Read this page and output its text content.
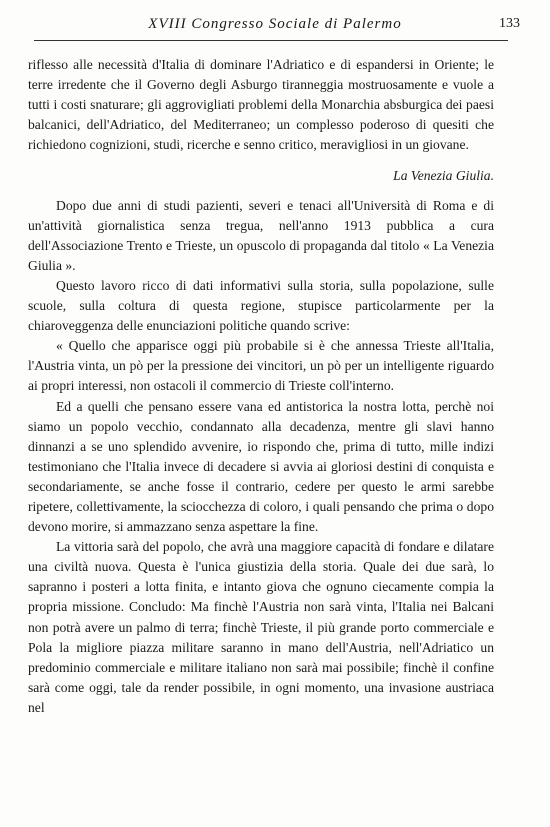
XVIII Congresso Sociale di Palermo	133

riflesso alle necessità d'Italia di dominare l'Adriatico e di espandersi in Oriente; le terre irredente che il Governo degli Asburgo tiranneggia mostruosamente e vuole a tutti i costi snaturare; gli aggrovigliati problemi della Monarchia absburgica dei paesi balcanici, dell'Adriatico, del Mediterraneo; un complesso poderoso di quesiti che richiedono cognizioni, studi, ricerche e senno critico, meravigliosi in un giovane.

La Venezia Giulia.

Dopo due anni di studi pazienti, severi e tenaci all'Università di Roma e di un'attività giornalistica senza tregua, nell'anno 1913 pubblica a cura dell'Associazione Trento e Trieste, un opuscolo di propaganda dal titolo « La Venezia Giulia ».

Questo lavoro ricco di dati informativi sulla storia, sulla popolazione, sulle scuole, sulla coltura di questa regione, stupisce particolarmente per la chiaroveggenza delle enunciazioni politiche quando scrive:

« Quello che apparisce oggi più probabile si è che annessa Trieste all'Italia, l'Austria vinta, un pò per la pressione dei vincitori, un pò per un intelligente riguardo ai propri interessi, non ostacoli il commercio di Trieste coll'interno.

Ed a quelli che pensano essere vana ed antistorica la nostra lotta, perchè noi siamo un popolo vecchio, condannato alla decadenza, mentre gli slavi hanno dinnanzi a se uno splendido avvenire, io rispondo che, prima di tutto, mille indizi testimoniano che l'Italia invece di decadere si avvia ai gloriosi destini di conquista e secondariamente, se anche fosse il contrario, cedere per questo le armi sarebbe ripetere, collettivamente, la sciocchezza di coloro, i quali pensando che prima o dopo devono morire, si ammazzano senza aspettare la fine.

La vittoria sarà del popolo, che avrà una maggiore capacità di fondare e dilatare una civiltà nuova. Questa è l'unica giustizia della storia. Quale dei due sarà, lo sapranno i posteri a lotta finita, e intanto giova che ognuno ciecamente compia la propria missione. Concludo: Ma finchè l'Austria non sarà vinta, l'Italia nei Balcani non potrà avere un palmo di terra; finchè Trieste, il più grande porto commerciale e Pola la migliore piazza militare saranno in mano dell'Austria, nell'Adriatico un predominio commerciale e militare italiano non sarà mai possibile; finchè il confine sarà come oggi, tale da render possibile, in ogni momento, una invasione austriaca nel
